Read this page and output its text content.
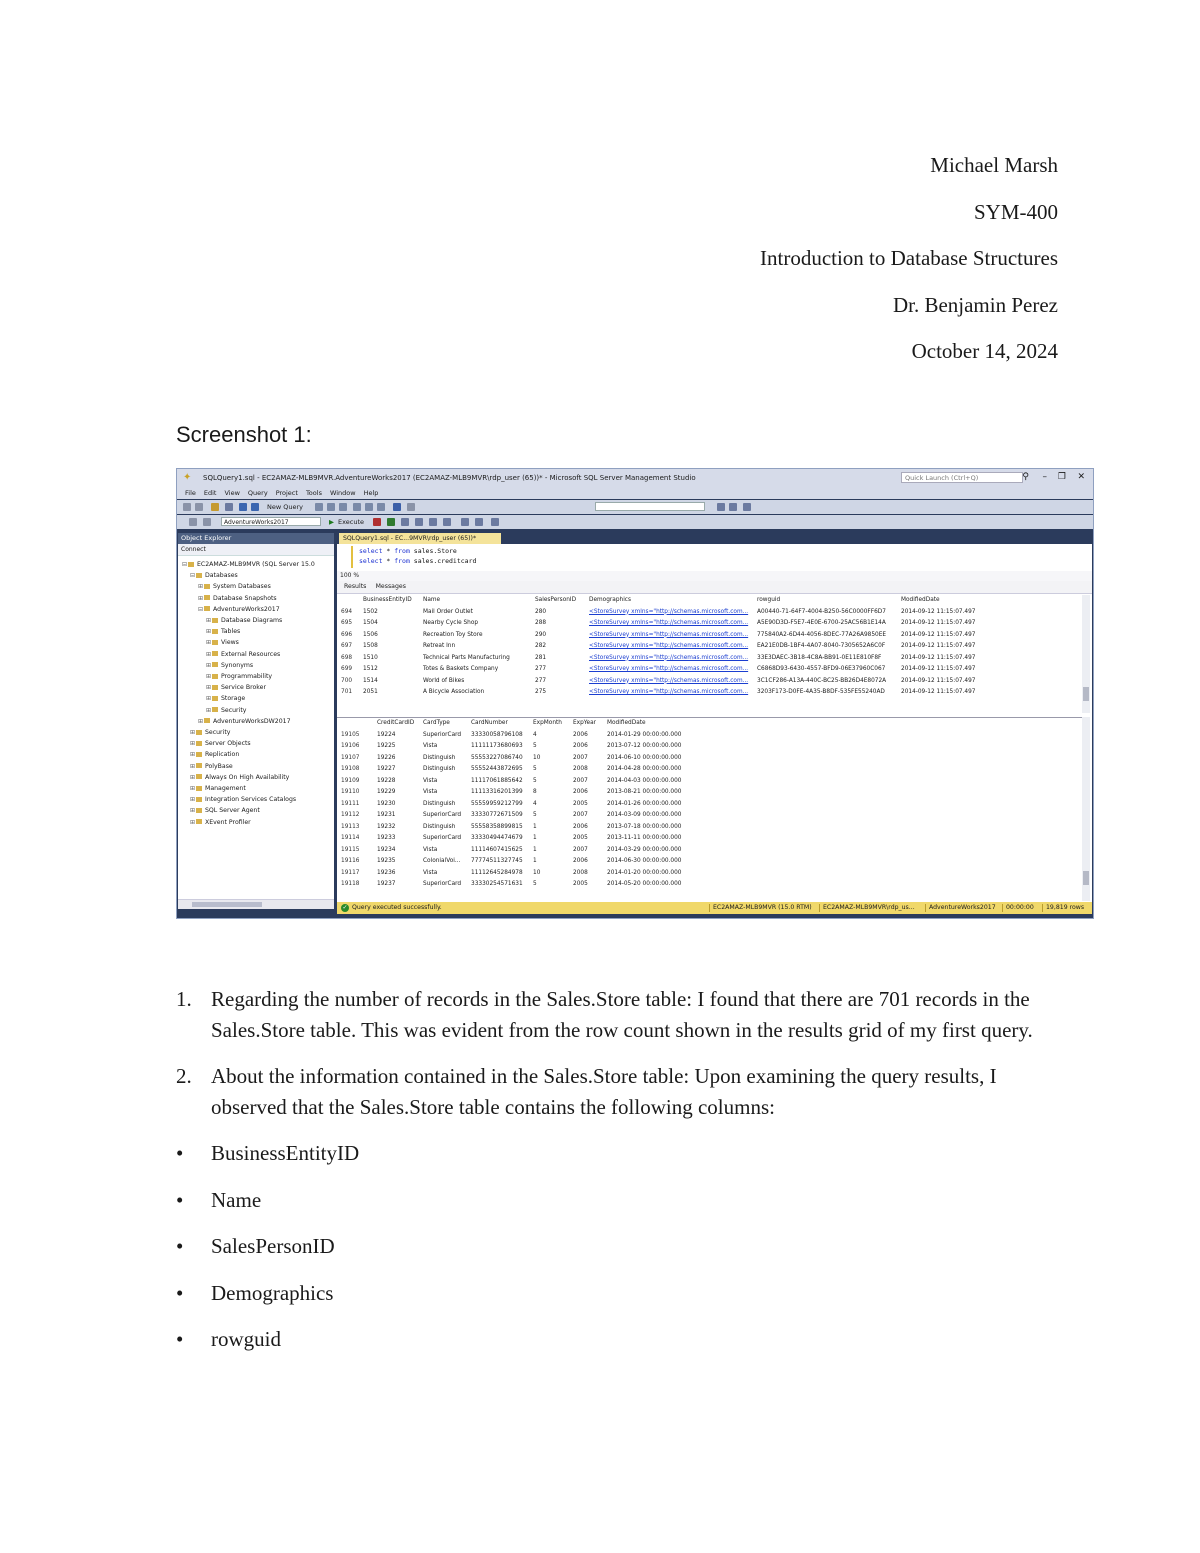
Michael Marsh
SYM-400
Introduction to Database Structures
Dr. Benjamin Perez
October 14, 2024
Screenshot 1:
✦	SQLQuery1.sql - EC2AMAZ-MLB9MVR.AdventureWorks2017 (EC2AMAZ-MLB9MVR\rdp_user (65))* - Microsoft SQL Server Management Studio	Quick Launch (Ctrl+Q)	⚲ – ❐ ✕
File Edit View Query Project Tools Window Help
New Query
AdventureWorks2017	▶ Execute
Object Explorer
Connect
⊟ EC2AMAZ-MLB9MVR (SQL Server 15.0
⊟ Databases
⊞ System Databases
⊞ Database Snapshots
⊟ AdventureWorks2017
⊞ Database Diagrams
⊞ Tables
⊞ Views
⊞ External Resources
⊞ Synonyms
⊞ Programmability
⊞ Service Broker
⊞ Storage
⊞ Security
⊞ AdventureWorksDW2017
⊞ Security
⊞ Server Objects
⊞ Replication
⊞ PolyBase
⊞ Always On High Availability
⊞ Management
⊞ Integration Services Catalogs
⊞ SQL Server Agent
⊞ XEvent Profiler
SQLQuery1.sql - EC...9MVR\rdp_user (65))*
select * from sales.Store
select * from sales.creditcard
100 %
Results Messages
BusinessEntityID Name	SalesPersonID Demographics	rowguid	ModifiedDate
694 1502	Mail Order Outlet	280	<StoreSurvey xmlns="http://schemas.microsoft.com...	A00440-71-64F7-4004-B250-56C0000FF6D7	2014-09-12 11:15:07.497
695 1504	Nearby Cycle Shop	288	<StoreSurvey xmlns="http://schemas.microsoft.com...	A5E90D3D-F5E7-4E0E-6700-25AC56B1E14A	2014-09-12 11:15:07.497
696 1506	Recreation Toy Store	290	<StoreSurvey xmlns="http://schemas.microsoft.com...	775840A2-6D44-4056-8DEC-77A26A9850EE	2014-09-12 11:15:07.497
697 1508	Retreat Inn	282	<StoreSurvey xmlns="http://schemas.microsoft.com...	EA21E0DB-1BF4-4A07-8040-7305652A6C0F	2014-09-12 11:15:07.497
698 1510	Technical Parts Manufacturing	281	<StoreSurvey xmlns="http://schemas.microsoft.com...	33E3DAEC-3B18-4C8A-BB91-0E11E810F8F	2014-09-12 11:15:07.497
699 1512	Totes & Baskets Company	277	<StoreSurvey xmlns="http://schemas.microsoft.com...	C6868D93-6430-4557-BFD9-06E37960C067	2014-09-12 11:15:07.497
700 1514	World of Bikes	277	<StoreSurvey xmlns="http://schemas.microsoft.com...	3C1CF286-A13A-440C-BC25-BB26D4E8072A	2014-09-12 11:15:07.497
701 2051	A Bicycle Association	275	<StoreSurvey xmlns="http://schemas.microsoft.com...	3203F173-D0FE-4A35-B8DF-535FE55240AD	2014-09-12 11:15:07.497
CreditCardID CardType	CardNumber	ExpMonth ExpYear ModifiedDate
19105	19224	SuperiorCard	33330058796108	4	2006	2014-01-29 00:00:00.000
19106	19225	Vista	11111173680693	5	2006	2013-07-12 00:00:00.000
19107	19226	Distinguish	55553227086740	10	2007	2014-06-10 00:00:00.000
19108	19227	Distinguish	55552443872695	5	2008	2014-04-28 00:00:00.000
19109	19228	Vista	11117061885642	5	2007	2014-04-03 00:00:00.000
19110	19229	Vista	11113316201399	8	2006	2013-08-21 00:00:00.000
19111	19230	Distinguish	55559959212799	4	2005	2014-01-26 00:00:00.000
19112	19231	SuperiorCard	33330772671509	5	2007	2014-03-09 00:00:00.000
19113	19232	Distinguish	55558358899815	1	2006	2013-07-18 00:00:00.000
19114	19233	SuperiorCard	33330494474679	1	2005	2013-11-11 00:00:00.000
19115	19234	Vista	11114607415625	1	2007	2014-03-29 00:00:00.000
19116	19235	ColonialVoi...	77774511327745	1	2006	2014-06-30 00:00:00.000
19117	19236	Vista	11112645284978	10	2008	2014-01-20 00:00:00.000
19118	19237	SuperiorCard	33330254571631	5	2005	2014-05-20 00:00:00.000
✓ Query executed successfully.	EC2AMAZ-MLB9MVR (15.0 RTM) EC2AMAZ-MLB9MVR\rdp_us... AdventureWorks2017 00:00:00 19,819 rows
1. Regarding the number of records in the Sales.Store table: I found that there are 701 records in the Sales.Store table. This was evident from the row count shown in the results grid of my first query.
2. About the information contained in the Sales.Store table: Upon examining the query results, I observed that the Sales.Store table contains the following columns:
• BusinessEntityID
• Name
• SalesPersonID
• Demographics
• rowguid
